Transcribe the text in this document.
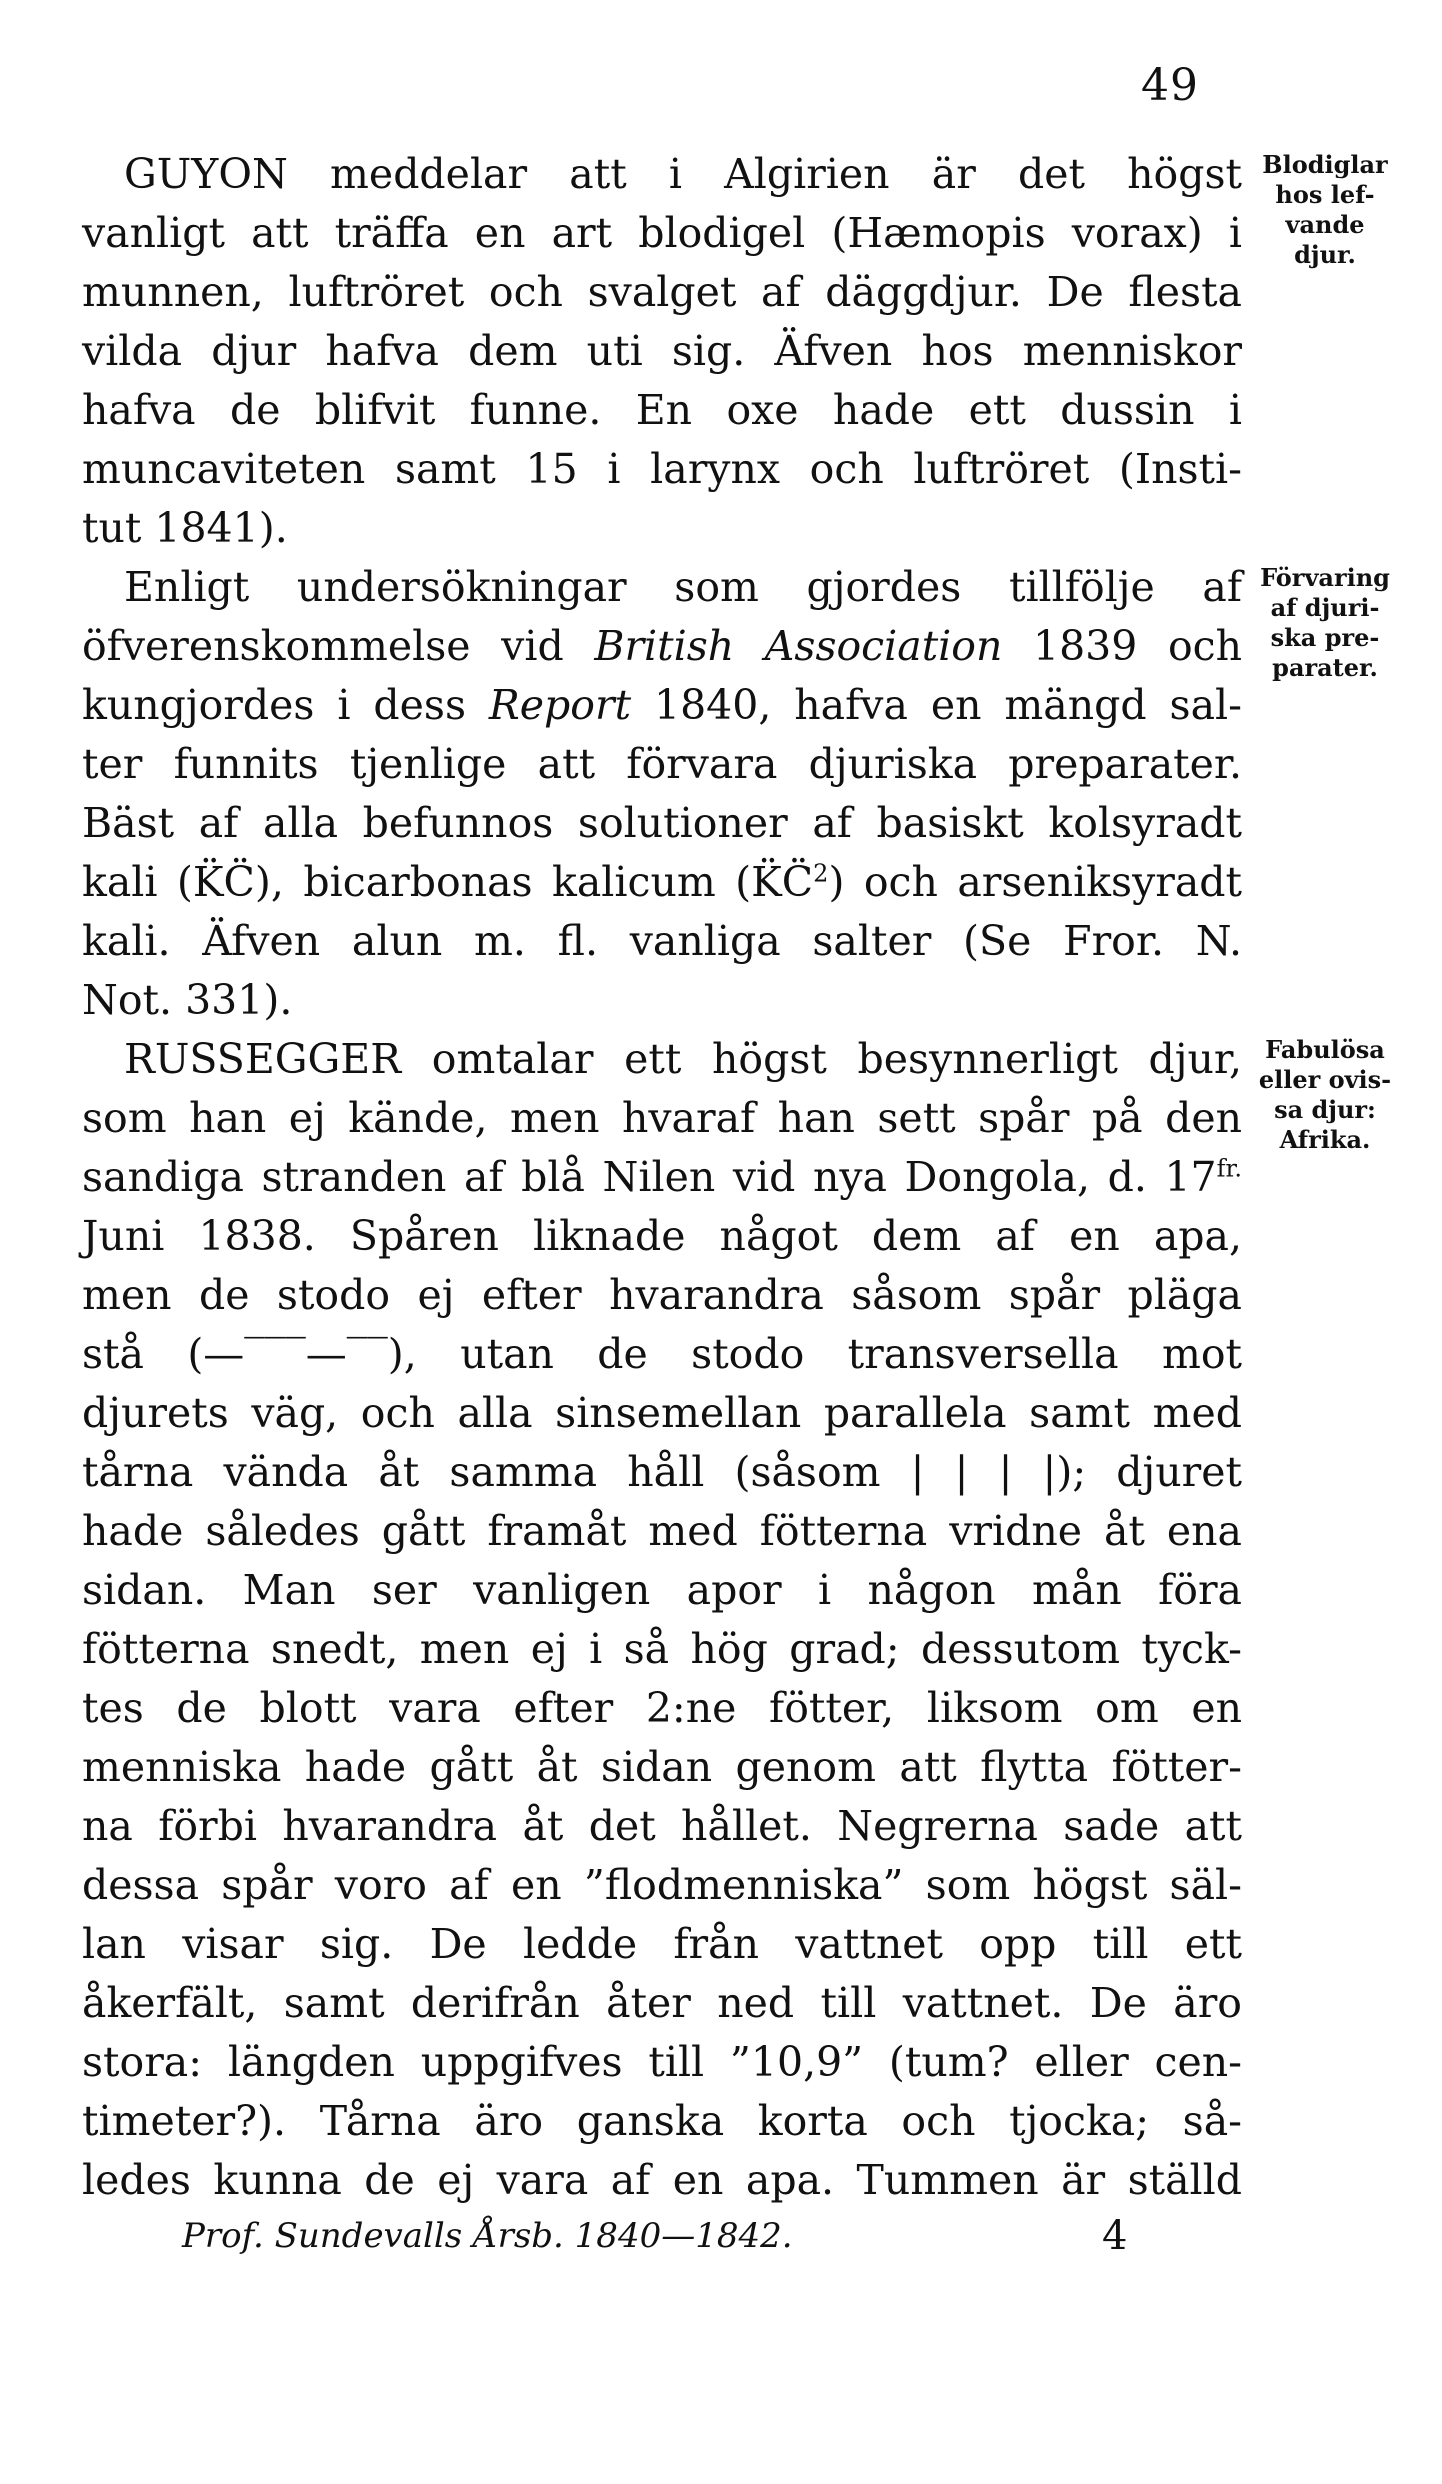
49
GUYON meddelar att i Algirien är det högst
vanligt att träffa en art blodigel (Hæmopis vorax) i
munnen, luftröret och svalget af däggdjur. De flesta
vilda djur hafva dem uti sig. Äfven hos menniskor
hafva de blifvit funne. En oxe hade ett dussin i
muncaviteten samt 15 i larynx och luftröret (Insti-
tut 1841).
Enligt undersökningar som gjordes tillfölje af
öfverenskommelse vid British Association 1839 och
kungjordes i dess Report 1840, hafva en mängd sal-
ter funnits tjenlige att förvara djuriska preparater.
Bäst af alla befunnos solutioner af basiskt kolsyradt
kali (K̈C̈), bicarbonas kalicum (K̈C̈$^2$) och arseniksyradt
kali. Äfven alun m. fl. vanliga salter (Se Fror. N.
Not. 331).
RUSSEGGER omtalar ett högst besynnerligt djur,
som han ej kände, men hvaraf han sett spår på den
sandiga stranden af blå Nilen vid nya Dongola, d. $17^{fr.}$
Juni 1838. Spåren liknade något dem af en apa,
men de stodo ej efter hvarandra såsom spår pläga
stå (—‾‾‾—‾‾), utan de stodo transversella mot
djurets väg, och alla sinsemellan parallela samt med
tårna vända åt samma håll (såsom | | | |); djuret
hade således gått framåt med fötterna vridne åt ena
sidan. Man ser vanligen apor i någon mån föra
fötterna snedt, men ej i så hög grad; dessutom tyck-
tes de blott vara efter 2:ne fötter, liksom om en
menniska hade gått åt sidan genom att flytta fötter-
na förbi hvarandra åt det hållet. Negrerna sade att
dessa spår voro af en ”flodmenniska” som högst säl-
lan visar sig. De ledde från vattnet opp till ett
åkerfält, samt derifrån åter ned till vattnet. De äro
stora: längden uppgifves till ”10,9” (tum? eller cen-
timeter?). Tårna äro ganska korta och tjocka; så-
ledes kunna de ej vara af en apa. Tummen är ställd
Blodiglar
hos lef-
vande
djur.
Förvaring
af djuri-
ska pre-
parater.
Fabulösa
eller ovis-
sa djur:
Afrika.
Prof. Sundevalls Årsb. 1840—1842.	4
